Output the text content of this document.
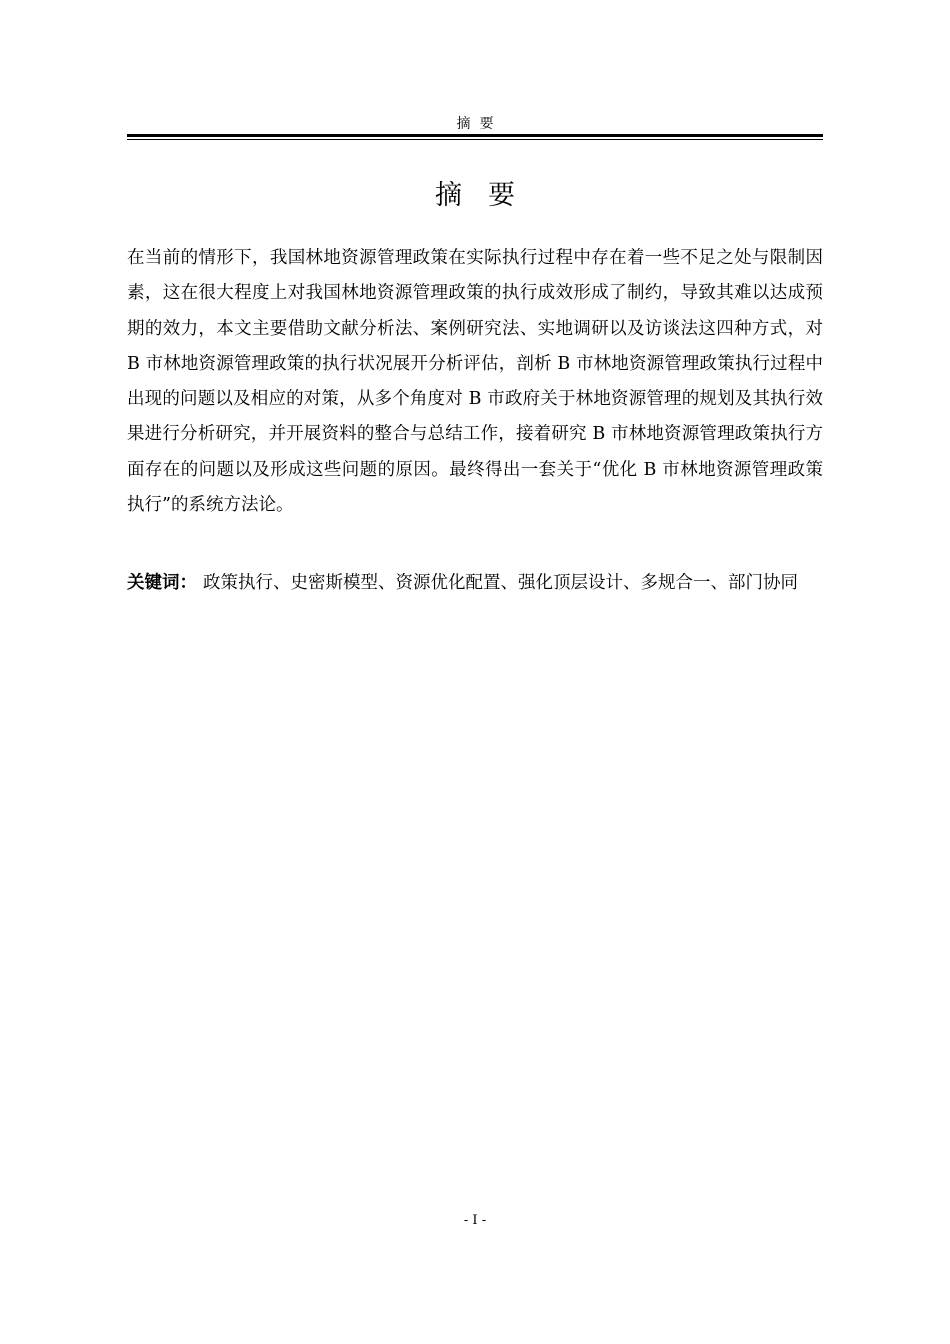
摘要
摘要

在当前的情形下，我国林地资源管理政策在实际执行过程中存在着一些不足之处与限制因素，这在很大程度上对我国林地资源管理政策的执行成效形成了制约，导致其难以达成预期的效力，本文主要借助文献分析法、案例研究法、实地调研以及访谈法这四种方式，对 B 市林地资源管理政策的执行状况展开分析评估，剖析 B 市林地资源管理政策执行过程中出现的问题以及相应的对策，从多个角度对 B 市政府关于林地资源管理的规划及其执行效果进行分析研究，并开展资料的整合与总结工作，接着研究 B 市林地资源管理政策执行方面存在的问题以及形成这些问题的原因。最终得出一套关于“优化 B 市林地资源管理政策执行”的系统方法论。

关键词： 政策执行、史密斯模型、资源优化配置、强化顶层设计、多规合一、部门协同
- I -
